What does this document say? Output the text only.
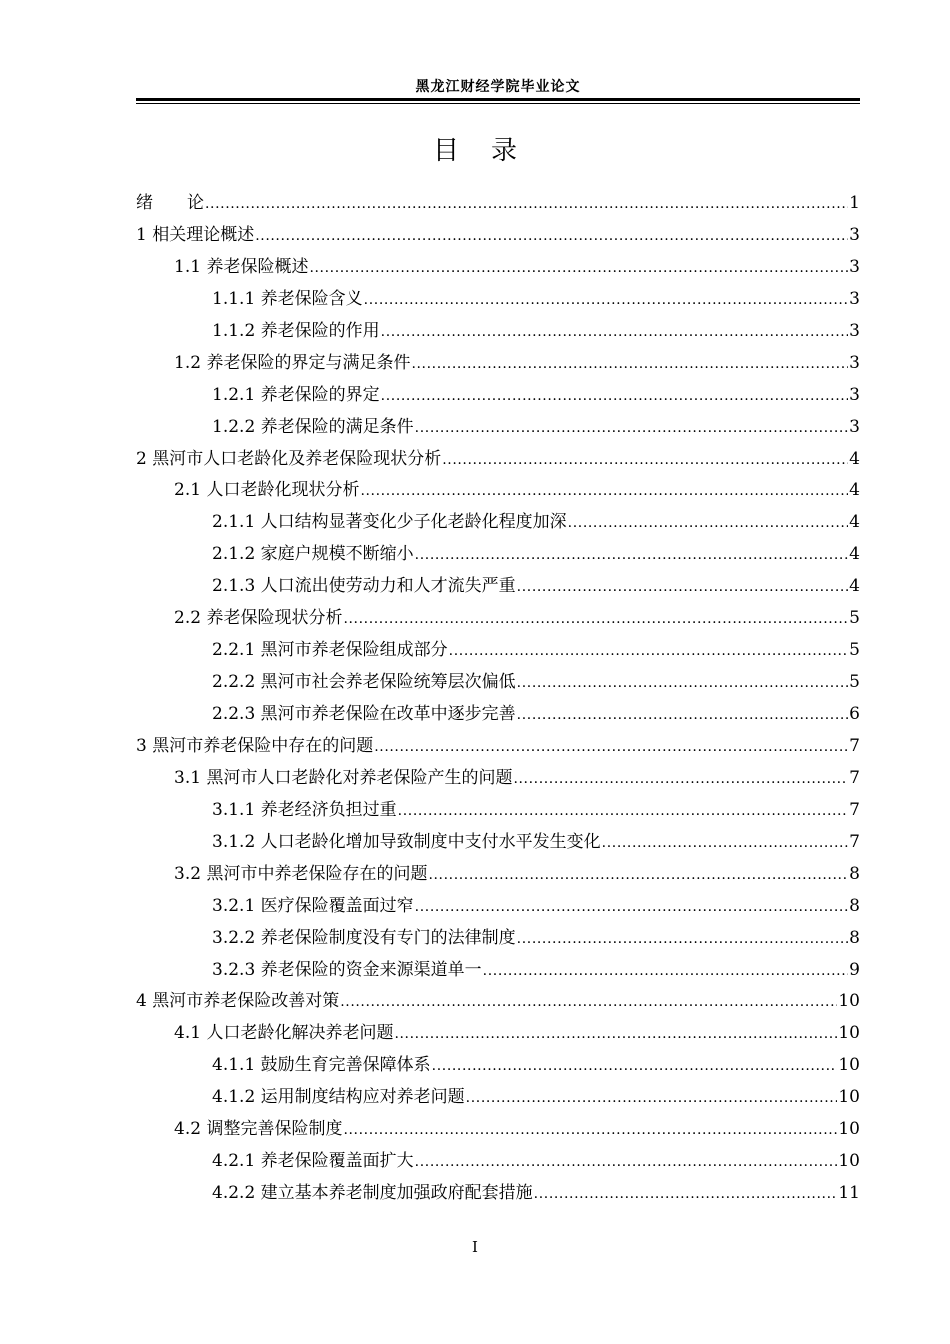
黑龙江财经学院毕业论文
目录
绪　　论 .....	1
1 相关理论概述 .....	3
1.1 养老保险概述 .....	3
1.1.1 养老保险含义 .....	3
1.1.2 养老保险的作用 .....	3
1.2 养老保险的界定与满足条件 .....	3
1.2.1 养老保险的界定 .....	3
1.2.2 养老保险的满足条件 .....	3
2 黑河市人口老龄化及养老保险现状分析 .....	4
2.1 人口老龄化现状分析 .....	4
2.1.1 人口结构显著变化少子化老龄化程度加深 .....	4
2.1.2 家庭户规模不断缩小 .....	4
2.1.3 人口流出使劳动力和人才流失严重 .....	4
2.2 养老保险现状分析 .....	5
2.2.1 黑河市养老保险组成部分 .....	5
2.2.2 黑河市社会养老保险统筹层次偏低 .....	5
2.2.3 黑河市养老保险在改革中逐步完善 .....	6
3 黑河市养老保险中存在的问题 .....	7
3.1 黑河市人口老龄化对养老保险产生的问题 .....	7
3.1.1 养老经济负担过重 .....	7
3.1.2 人口老龄化增加导致制度中支付水平发生变化 .....	7
3.2 黑河市中养老保险存在的问题 .....	8
3.2.1 医疗保险覆盖面过窄 .....	8
3.2.2 养老保险制度没有专门的法律制度 .....	8
3.2.3 养老保险的资金来源渠道单一 .....	9
4 黑河市养老保险改善对策 .....	10
4.1 人口老龄化解决养老问题 .....	10
4.1.1 鼓励生育完善保障体系 .....	10
4.1.2 运用制度结构应对养老问题 .....	10
4.2 调整完善保险制度 .....	10
4.2.1 养老保险覆盖面扩大 .....	10
4.2.2 建立基本养老制度加强政府配套措施 .....	11
I
